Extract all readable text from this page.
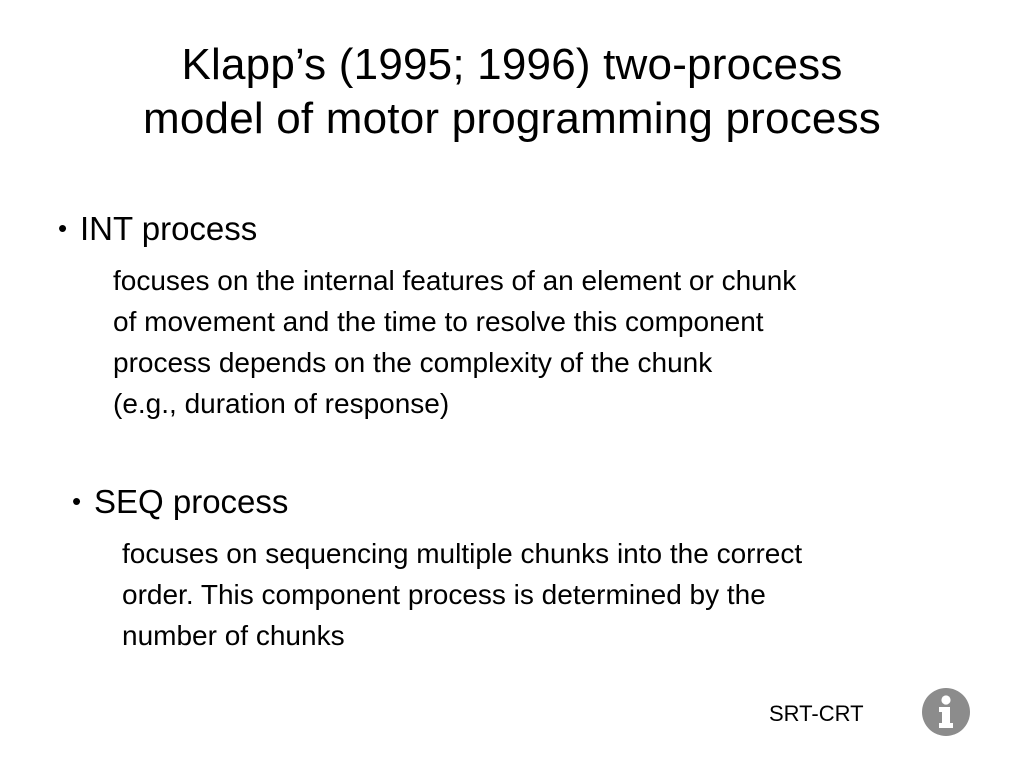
Klapp’s (1995; 1996) two-process
model of motor programming process
• INT process
focuses on the internal features of an element or chunk
of movement and the time to resolve this component
process depends on the complexity of the chunk
(e.g., duration of response)
• SEQ process
focuses on sequencing multiple chunks into the correct
order. This component process is determined by the
number of chunks
SRT-CRT
